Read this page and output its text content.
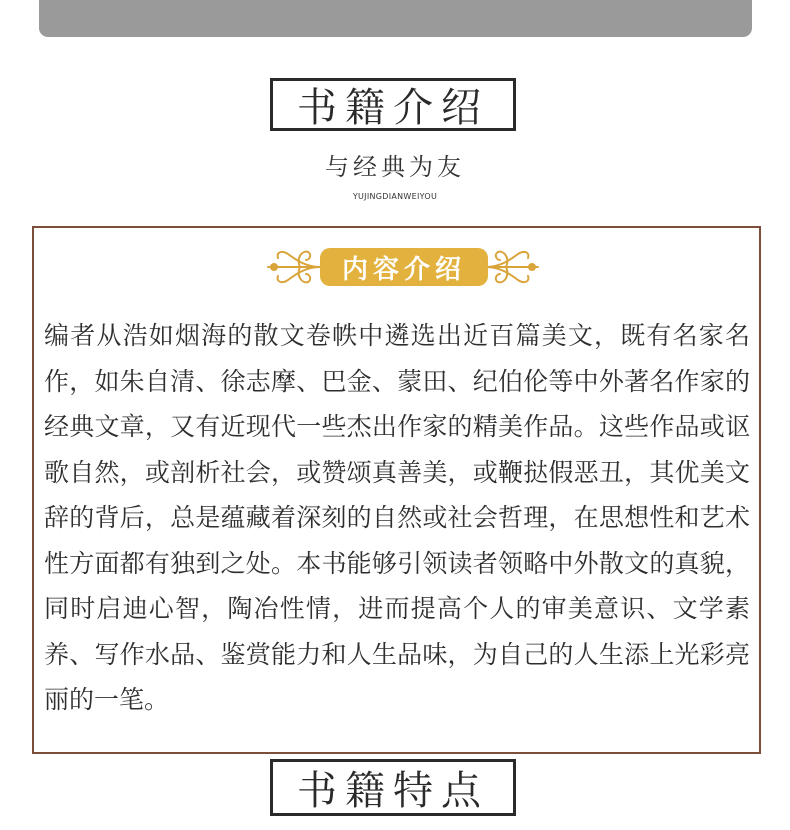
书籍介绍
与经典为友
YUJINGDIANWEIYOU
内容介绍
编者从浩如烟海的散文卷帙中遴选出近百篇美文，既有名家名作，如朱自清、徐志摩、巴金、蒙田、纪伯伦等中外著名作家的经典文章，又有近现代一些杰出作家的精美作品。这些作品或讴歌自然，或剖析社会，或赞颂真善美，或鞭挞假恶丑，其优美文辞的背后，总是蕴藏着深刻的自然或社会哲理，在思想性和艺术性方面都有独到之处。本书能够引领读者领略中外散文的真貌，同时启迪心智，陶冶性情，进而提高个人的审美意识、文学素养、写作水品、鉴赏能力和人生品味，为自己的人生添上光彩亮丽的一笔。
书籍特点
